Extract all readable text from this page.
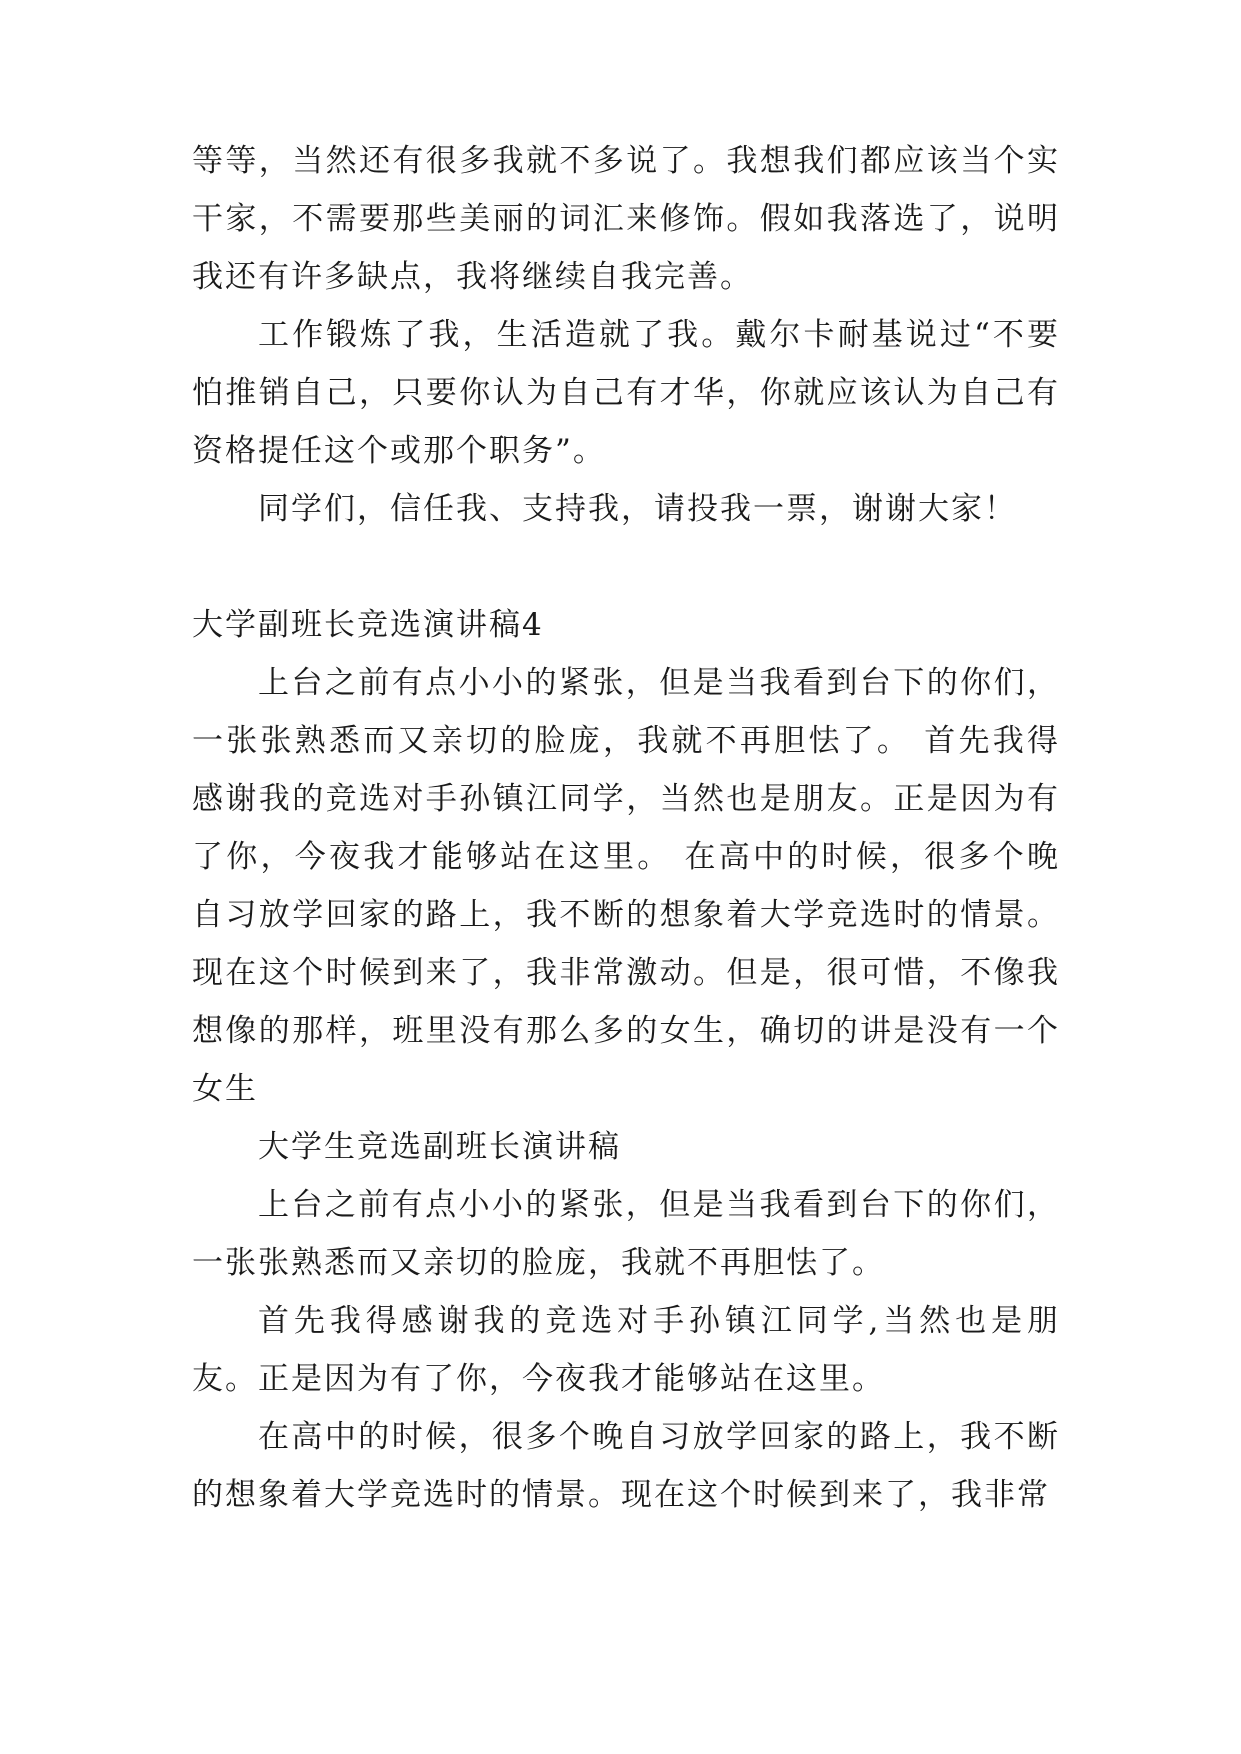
等等，当然还有很多我就不多说了。我想我们都应该当个实干家，不需要那些美丽的词汇来修饰。假如我落选了，说明我还有许多缺点，我将继续自我完善。

工作锻炼了我，生活造就了我。戴尔卡耐基说过“不要怕推销自己，只要你认为自己有才华，你就应该认为自己有资格提任这个或那个职务”。

同学们，信任我、支持我，请投我一票，谢谢大家！

大学副班长竞选演讲稿4

上台之前有点小小的紧张，但是当我看到台下的你们，一张张熟悉而又亲切的脸庞，我就不再胆怯了。 首先我得感谢我的竞选对手孙镇江同学，当然也是朋友。正是因为有了你，今夜我才能够站在这里。 在高中的时候，很多个晚自习放学回家的路上，我不断的想象着大学竞选时的情景。现在这个时候到来了，我非常激动。但是，很可惜，不像我想像的那样，班里没有那么多的女生，确切的讲是没有一个女生

大学生竞选副班长演讲稿

上台之前有点小小的紧张，但是当我看到台下的你们，一张张熟悉而又亲切的脸庞，我就不再胆怯了。

首先我得感谢我的竞选对手孙镇江同学,当然也是朋友。正是因为有了你，今夜我才能够站在这里。

在高中的时候，很多个晚自习放学回家的路上，我不断的想象着大学竞选时的情景。现在这个时候到来了，我非常
